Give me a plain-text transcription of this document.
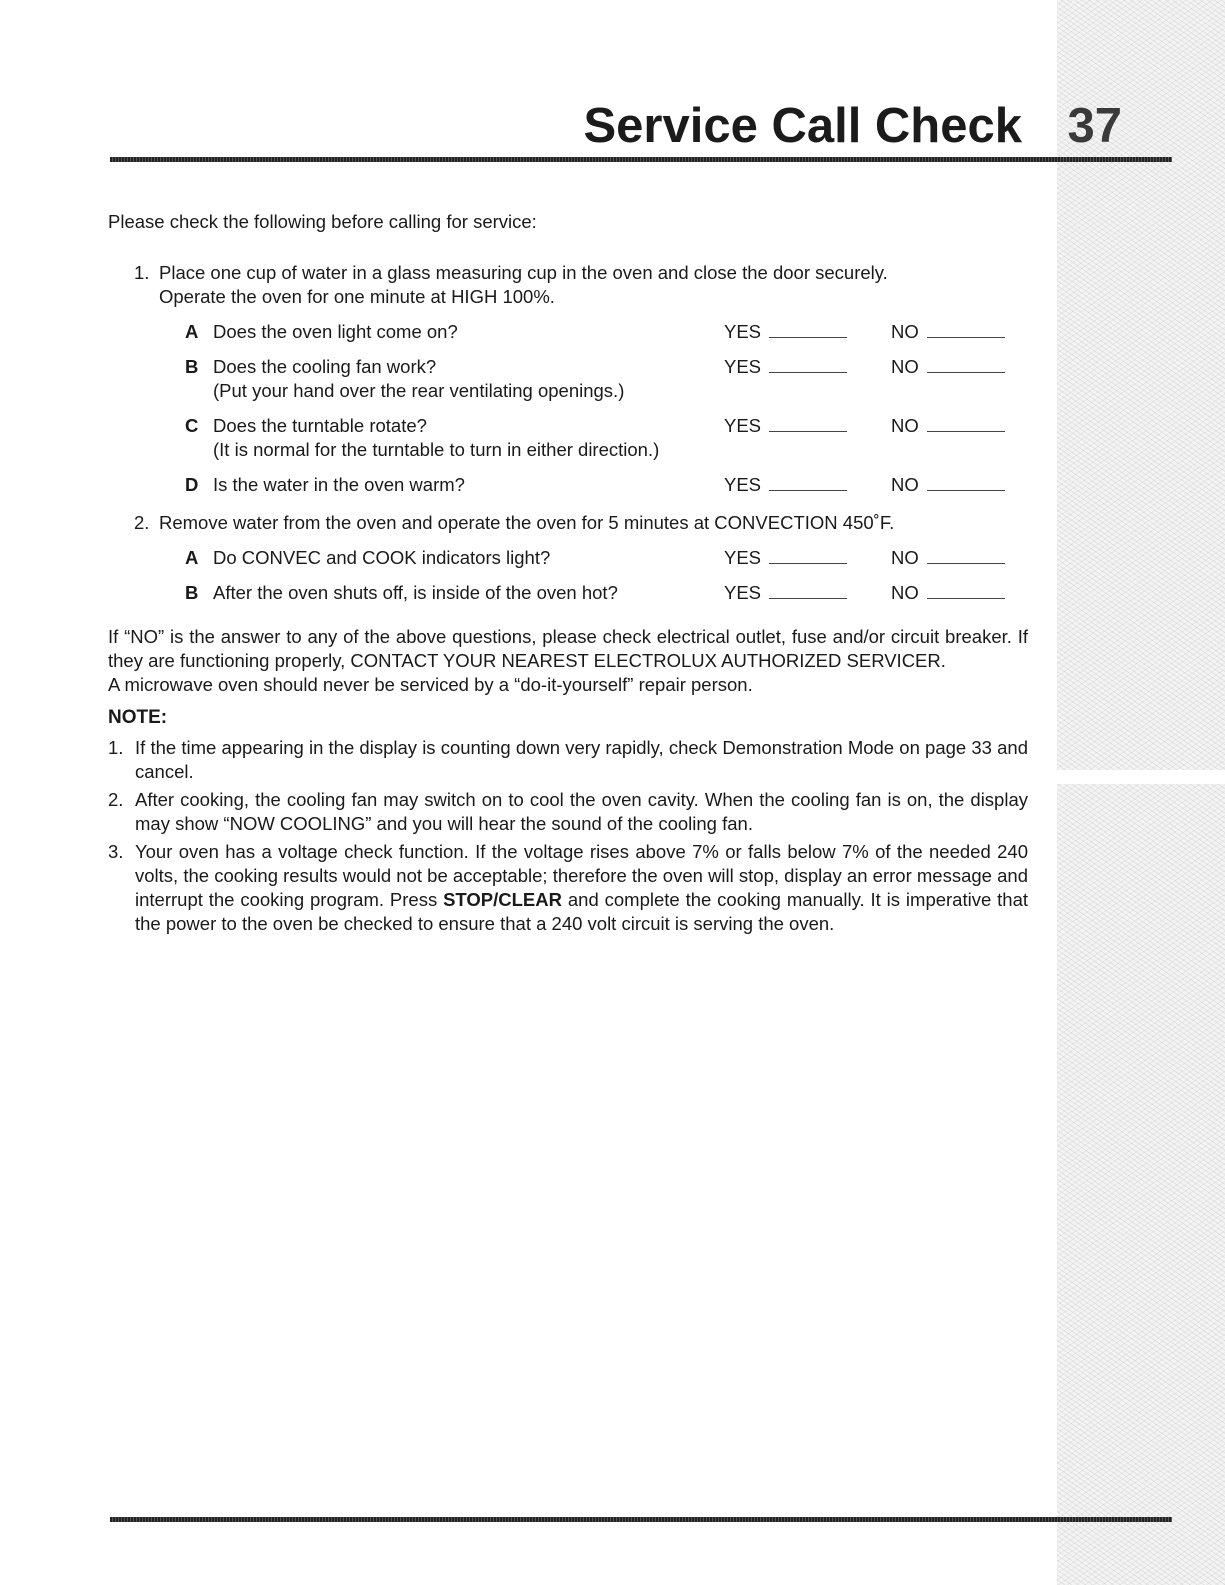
Service Call Check 37

Please check the following before calling for service:

1. Place one cup of water in a glass measuring cup in the oven and close the door securely.

Operate the oven for one minute at HIGH 100%.

A Does the oven light come on?	YES	NO
B Does the cooling fan work?
(Put your hand over the rear ventilating openings.)
YES	NO
C Does the turntable rotate?
(It is normal for the turntable to turn in either direction.)
YES	NO
D Is the water in the oven warm?	YES	NO
2. Remove water from the oven and operate the oven for 5 minutes at CONVECTION 450˚F.

A Do CONVEC and COOK indicators light?	YES	NO
B After the oven shuts off, is inside of the oven hot?	YES	NO

If “NO” is the answer to any of the above questions, please check electrical outlet, fuse and/or circuit breaker. If they are functioning properly, CONTACT YOUR NEAREST ELECTROLUX AUTHORIZED SERVICER.

A microwave oven should never be serviced by a “do-it-yourself” repair person.

NOTE:

1. If the time appearing in the display is counting down very rapidly, check Demonstration Mode on page 33 and cancel.
2. After cooking, the cooling fan may switch on to cool the oven cavity. When the cooling fan is on, the display may show “NOW COOLING” and you will hear the sound of the cooling fan.
3. Your oven has a voltage check function. If the voltage rises above 7% or falls below 7% of the needed 240 volts, the cooking results would not be acceptable; therefore the oven will stop, display an error message and interrupt the cooking program. Press STOP/CLEAR and complete the cooking manually. It is imperative that the power to the oven be checked to ensure that a 240 volt circuit is serving the oven.
